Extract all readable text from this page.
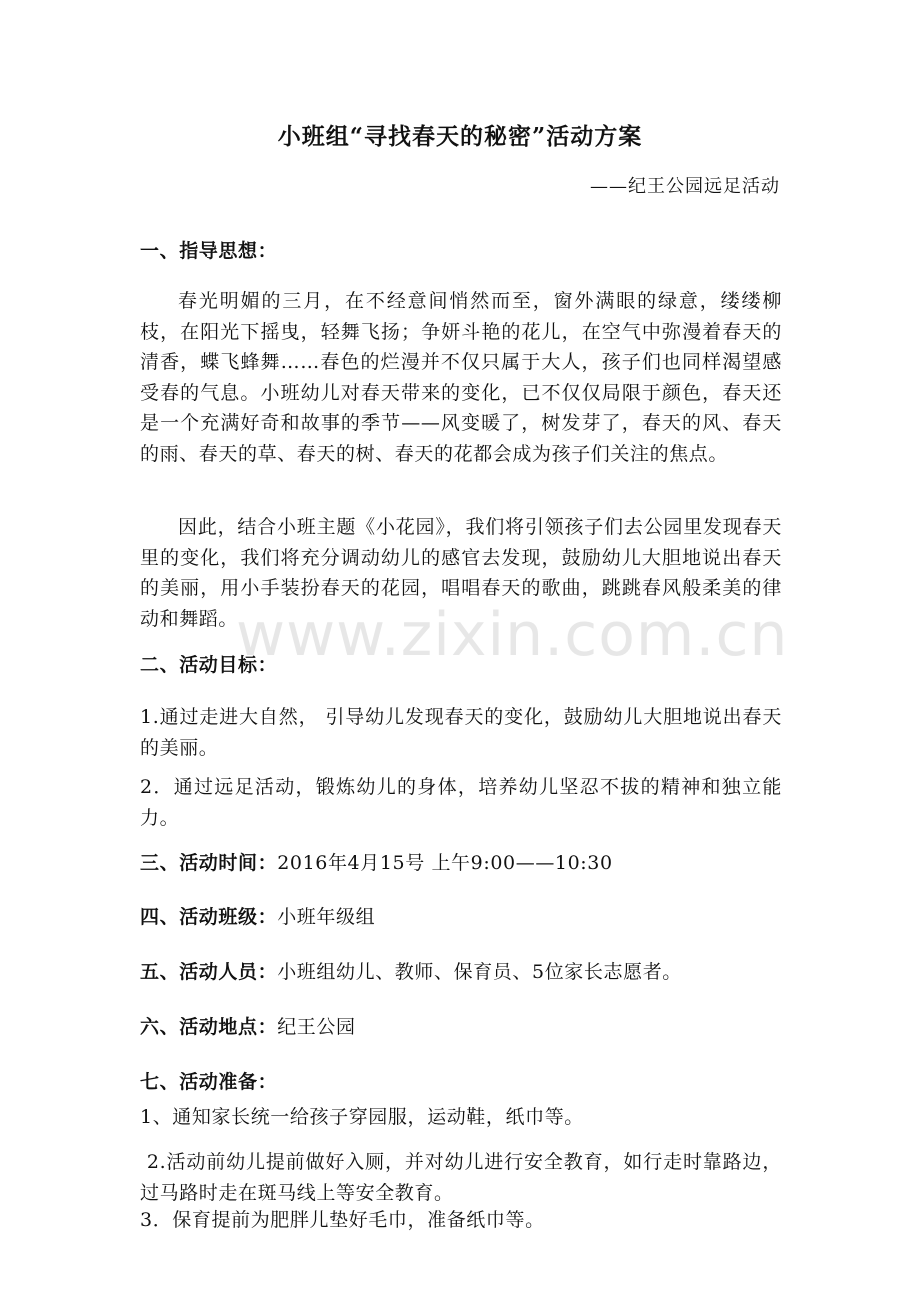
www.zixin.com.cn
小班组“寻找春天的秘密”活动方案
——纪王公园远足活动
一、指导思想：
春光明媚的三月，在不经意间悄然而至，窗外满眼的绿意，缕缕柳枝，在阳光下摇曳，轻舞飞扬；争妍斗艳的花儿，在空气中弥漫着春天的清香，蝶飞蜂舞……春色的烂漫并不仅只属于大人，孩子们也同样渴望感受春的气息。小班幼儿对春天带来的变化，已不仅仅局限于颜色，春天还是一个充满好奇和故事的季节——风变暖了，树发芽了，春天的风、春天的雨、春天的草、春天的树、春天的花都会成为孩子们关注的焦点。
因此，结合小班主题《小花园》，我们将引领孩子们去公园里发现春天里的变化，我们将充分调动幼儿的感官去发现，鼓励幼儿大胆地说出春天的美丽，用小手装扮春天的花园，唱唱春天的歌曲，跳跳春风般柔美的律动和舞蹈。
二、活动目标：
1.通过走进大自然， 引导幼儿发现春天的变化，鼓励幼儿大胆地说出春天的美丽。
2．通过远足活动，锻炼幼儿的身体，培养幼儿坚忍不拔的精神和独立能力。
三、活动时间：2016年4月15号 上午9:00——10:30
四、活动班级：小班年级组
五、活动人员：小班组幼儿、教师、保育员、5位家长志愿者。
六、活动地点：纪王公园
七、活动准备：
1、通知家长统一给孩子穿园服，运动鞋，纸巾等。
2.活动前幼儿提前做好入厕，并对幼儿进行安全教育，如行走时靠路边，过马路时走在斑马线上等安全教育。
3．保育提前为肥胖儿垫好毛巾，准备纸巾等。
